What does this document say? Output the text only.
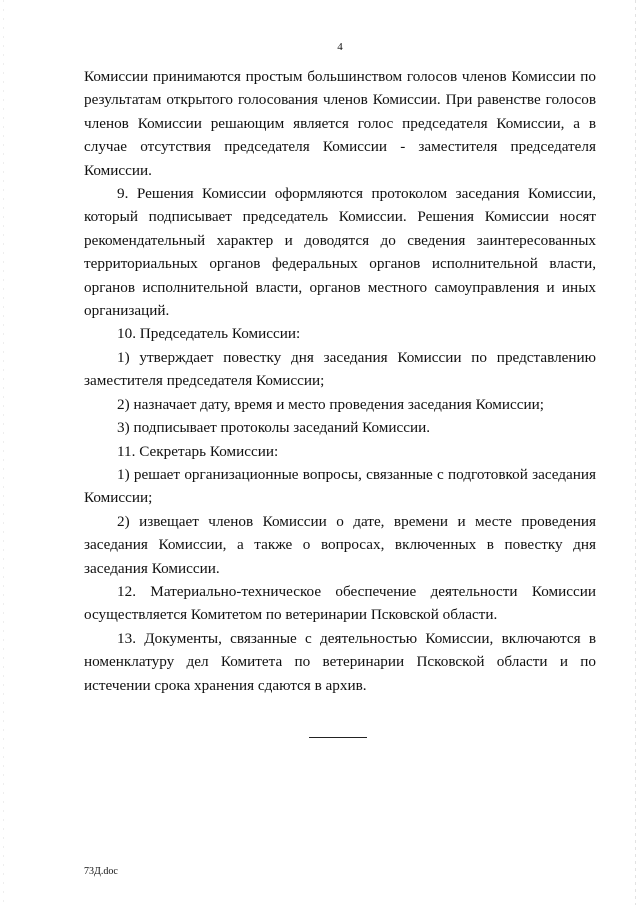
4

Комиссии принимаются простым большинством голосов членов Комиссии по результатам открытого голосования членов Комиссии. При равенстве голосов членов Комиссии решающим является голос председателя Комиссии, а в случае отсутствия председателя Комиссии - заместителя председателя Комиссии.

9. Решения Комиссии оформляются протоколом заседания Комиссии, который подписывает председатель Комиссии. Решения Комиссии носят рекомендательный характер и доводятся до сведения заинтересованных территориальных органов федеральных органов исполнительной власти, органов исполнительной власти, органов местного самоуправления и иных организаций.

10. Председатель Комиссии:

1) утверждает повестку дня заседания Комиссии по представлению заместителя председателя Комиссии;

2) назначает дату, время и место проведения заседания Комиссии;

3) подписывает протоколы заседаний Комиссии.

11. Секретарь Комиссии:

1) решает организационные вопросы, связанные с подготовкой заседания Комиссии;

2) извещает членов Комиссии о дате, времени и месте проведения заседания Комиссии, а также о вопросах, включенных в повестку дня заседания Комиссии.

12. Материально-техническое обеспечение деятельности Комиссии осуществляется Комитетом по ветеринарии Псковской области.

13. Документы, связанные с деятельностью Комиссии, включаются в номенклатуру дел Комитета по ветеринарии Псковской области и по истечении срока хранения сдаются в архив.

73Д.doc
